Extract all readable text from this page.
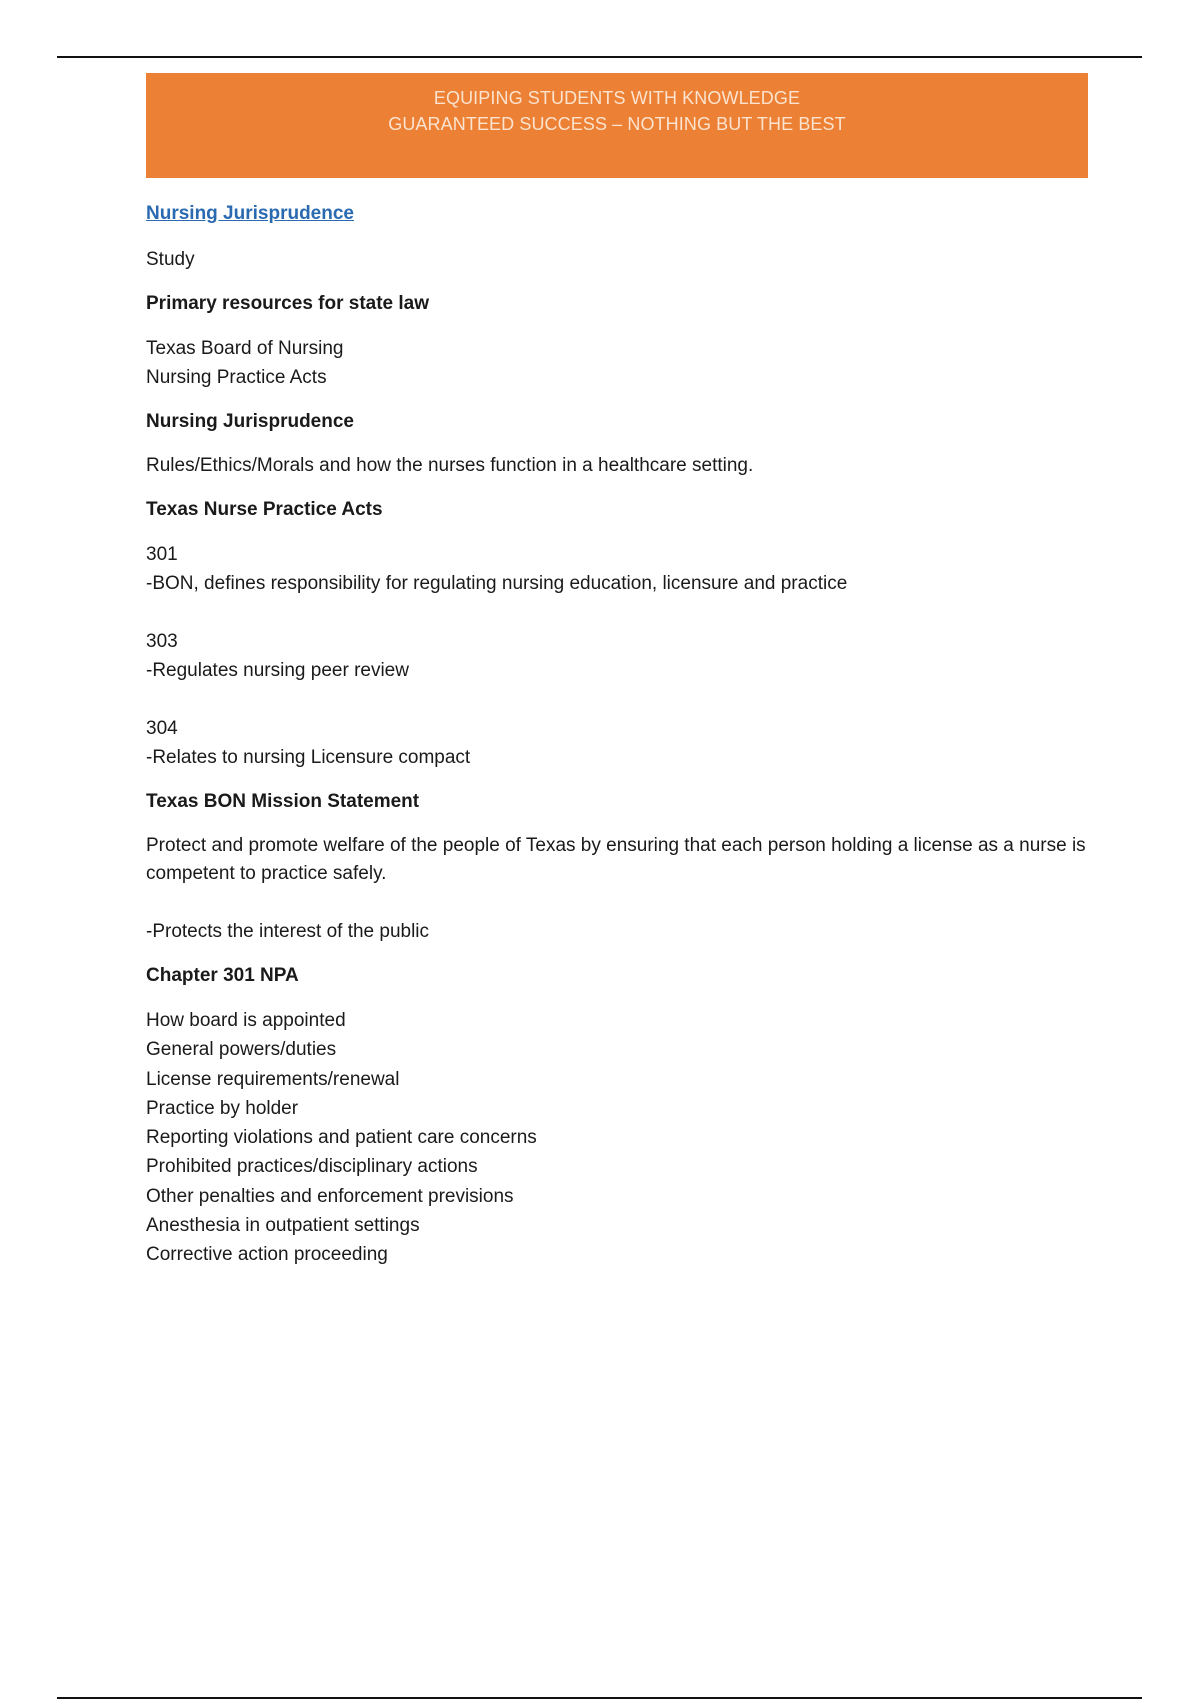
EQUIPING STUDENTS WITH KNOWLEDGE
GUARANTEED SUCCESS – NOTHING BUT THE BEST
Nursing Jurisprudence
Study
Primary resources for state law
Texas Board of Nursing
Nursing Practice Acts
Nursing Jurisprudence
Rules/Ethics/Morals and how the nurses function in a healthcare setting.
Texas Nurse Practice Acts
301
-BON, defines responsibility for regulating nursing education, licensure and practice
303
-Regulates nursing peer review
304
-Relates to nursing Licensure compact
Texas BON Mission Statement
Protect and promote welfare of the people of Texas by ensuring that each person holding a license as a nurse is competent to practice safely.
-Protects the interest of the public
Chapter 301 NPA
How board is appointed
General powers/duties
License requirements/renewal
Practice by holder
Reporting violations and patient care concerns
Prohibited practices/disciplinary actions
Other penalties and enforcement previsions
Anesthesia in outpatient settings
Corrective action proceeding
